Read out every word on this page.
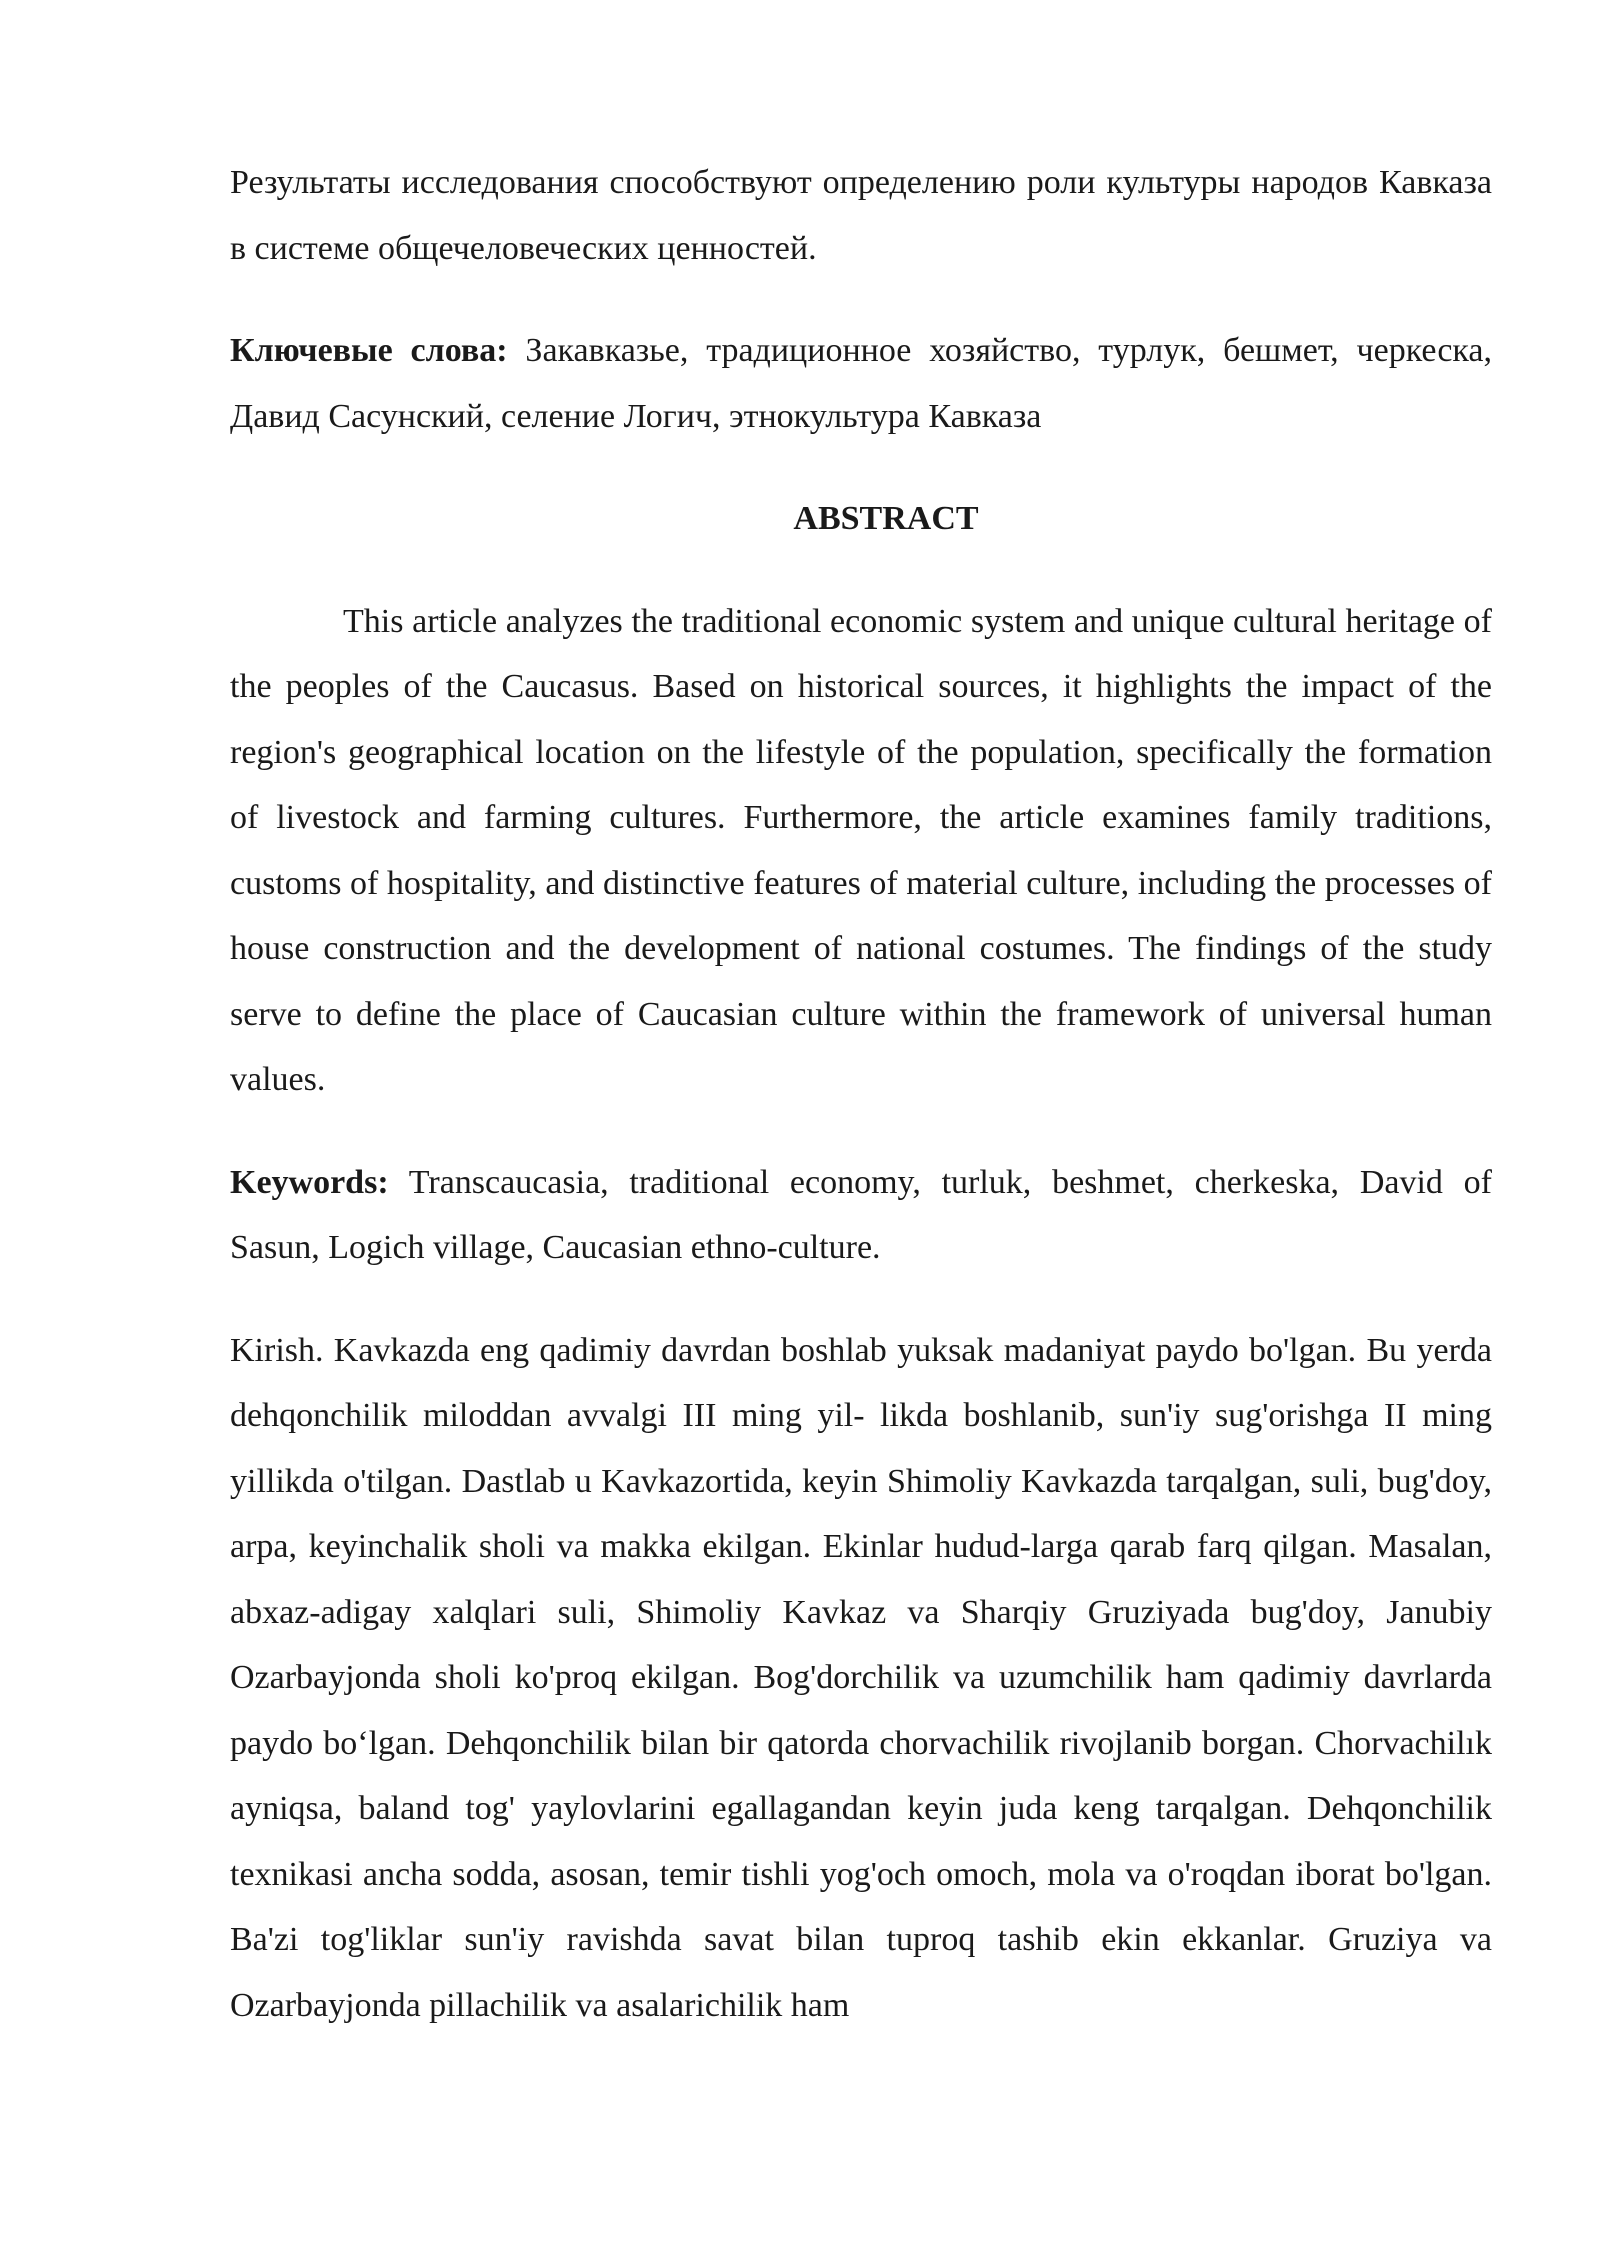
Результаты исследования способствуют определению роли культуры народов Кавказа в системе общечеловеческих ценностей.

Ключевые слова: Закавказье, традиционное хозяйство, турлук, бешмет, черкеска, Давид Сасунский, селение Логич, этнокультура Кавказа

ABSTRACT

This article analyzes the traditional economic system and unique cultural heritage of the peoples of the Caucasus. Based on historical sources, it highlights the impact of the region's geographical location on the lifestyle of the population, specifically the formation of livestock and farming cultures. Furthermore, the article examines family traditions, customs of hospitality, and distinctive features of material culture, including the processes of house construction and the development of national costumes. The findings of the study serve to define the place of Caucasian culture within the framework of universal human values.

Keywords: Transcaucasia, traditional economy, turluk, beshmet, cherkeska, David of Sasun, Logich village, Caucasian ethno-culture.

Kirish. Kavkazda eng qadimiy davrdan boshlab yuksak madaniyat paydo bo'lgan. Bu yerda dehqonchilik miloddan avvalgi III ming yil- likda boshlanib, sun'iy sug'orishga II ming yillikda o'tilgan. Dastlab u Kavkazortida, keyin Shimoliy Kavkazda tarqalgan, suli, bug'doy, arpa, keyinchalik sholi va makka ekilgan. Ekinlar hudud-larga qarab farq qilgan. Masalan, abxaz-adigay xalqlari suli, Shimoliy Kavkaz va Sharqiy Gruziyada bug'doy, Janubiy Ozarbayjonda sholi ko'proq ekilgan. Bog'dorchilik va uzumchilik ham qadimiy davrlarda paydo bo‘lgan. Dehqonchilik bilan bir qatorda chorvachilik rivojlanib borgan. Chorvachilık ayniqsa, baland tog' yaylovlarini egallagandan keyin juda keng tarqalgan. Dehqonchilik texnikasi ancha sodda, asosan, temir tishli yog'och omoch, mola va o'roqdan iborat bo'lgan. Ba'zi tog'liklar sun'iy ravishda savat bilan tuproq tashib ekin ekkanlar. Gruziya va Ozarbayjonda pillachilik va asalarichilik ham
